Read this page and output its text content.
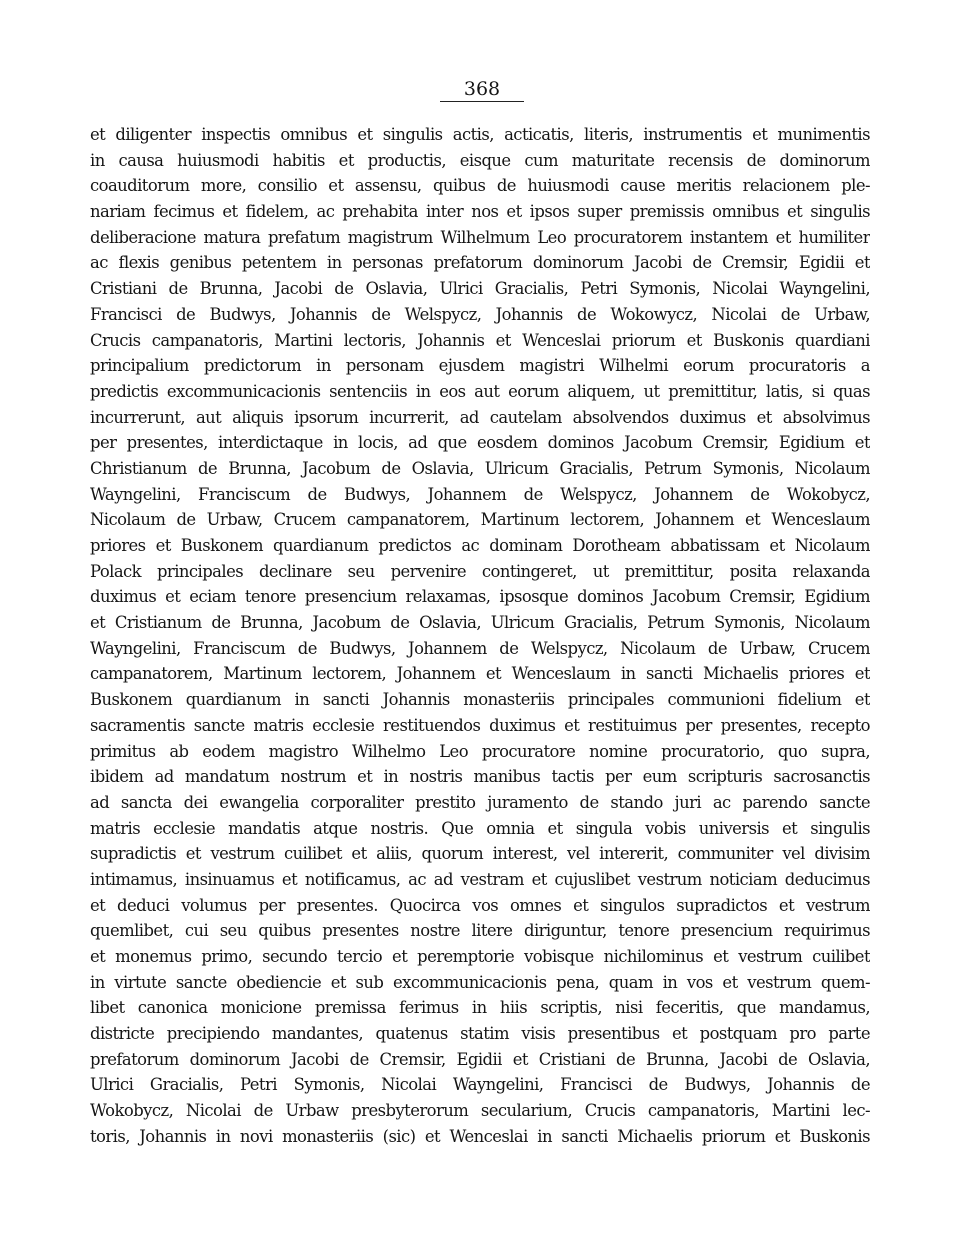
368
et diligenter inspectis omnibus et singulis actis, acticatis, literis, instrumentis et munimentis
in causa huiusmodi habitis et productis, eisque cum maturitate recensis de dominorum
coauditorum more, consilio et assensu, quibus de huiusmodi cause meritis relacionem ple-
nariam fecimus et fidelem, ac prehabita inter nos et ipsos super premissis omnibus et singulis
deliberacione matura prefatum magistrum Wilhelmum Leo procuratorem instantem et humiliter
ac flexis genibus petentem in personas prefatorum dominorum Jacobi de Cremsir, Egidii et
Cristiani de Brunna, Jacobi de Oslavia, Ulrici Gracialis, Petri Symonis, Nicolai Wayngelini,
Francisci de Budwys, Johannis de Welspycz, Johannis de Wokowycz, Nicolai de Urbaw,
Crucis campanatoris, Martini lectoris, Johannis et Wenceslai priorum et Buskonis quardiani
principalium predictorum in personam ejusdem magistri Wilhelmi eorum procuratoris a
predictis excommunicacionis sentenciis in eos aut eorum aliquem, ut premittitur, latis, si quas
incurrerunt, aut aliquis ipsorum incurrerit, ad cautelam absolvendos duximus et absolvimus
per presentes, interdictaque in locis, ad que eosdem dominos Jacobum Cremsir, Egidium et
Christianum de Brunna, Jacobum de Oslavia, Ulricum Gracialis, Petrum Symonis, Nicolaum
Wayngelini, Franciscum de Budwys, Johannem de Welspycz, Johannem de Wokobycz,
Nicolaum de Urbaw, Crucem campanatorem, Martinum lectorem, Johannem et Wenceslaum
priores et Buskonem quardianum predictos ac dominam Dorotheam abbatissam et Nicolaum
Polack principales declinare seu pervenire contingeret, ut premittitur, posita relaxanda
duximus et eciam tenore presencium relaxamas, ipsosque dominos Jacobum Cremsir, Egidium
et Cristianum de Brunna, Jacobum de Oslavia, Ulricum Gracialis, Petrum Symonis, Nicolaum
Wayngelini, Franciscum de Budwys, Johannem de Welspycz, Nicolaum de Urbaw, Crucem
campanatorem, Martinum lectorem, Johannem et Wenceslaum in sancti Michaelis priores et
Buskonem quardianum in sancti Johannis monasteriis principales communioni fidelium et
sacramentis sancte matris ecclesie restituendos duximus et restituimus per presentes, recepto
primitus ab eodem magistro Wilhelmo Leo procuratore nomine procuratorio, quo supra,
ibidem ad mandatum nostrum et in nostris manibus tactis per eum scripturis sacrosanctis
ad sancta dei ewangelia corporaliter prestito juramento de stando juri ac parendo sancte
matris ecclesie mandatis atque nostris. Que omnia et singula vobis universis et singulis
supradictis et vestrum cuilibet et aliis, quorum interest, vel intererit, communiter vel divisim
intimamus, insinuamus et notificamus, ac ad vestram et cujuslibet vestrum noticiam deducimus
et deduci volumus per presentes. Quocirca vos omnes et singulos supradictos et vestrum
quemlibet, cui seu quibus presentes nostre litere diriguntur, tenore presencium requirimus
et monemus primo, secundo tercio et peremptorie vobisque nichilominus et vestrum cuilibet
in virtute sancte obediencie et sub excommunicacionis pena, quam in vos et vestrum quem-
libet canonica monicione premissa ferimus in hiis scriptis, nisi feceritis, que mandamus,
districte precipiendo mandantes, quatenus statim visis presentibus et postquam pro parte
prefatorum dominorum Jacobi de Cremsir, Egidii et Cristiani de Brunna, Jacobi de Oslavia,
Ulrici Gracialis, Petri Symonis, Nicolai Wayngelini, Francisci de Budwys, Johannis de
Wokobycz, Nicolai de Urbaw presbyterorum secularium, Crucis campanatoris, Martini lec-
toris, Johannis in novi monasteriis (sic) et Wenceslai in sancti Michaelis priorum et Buskonis
